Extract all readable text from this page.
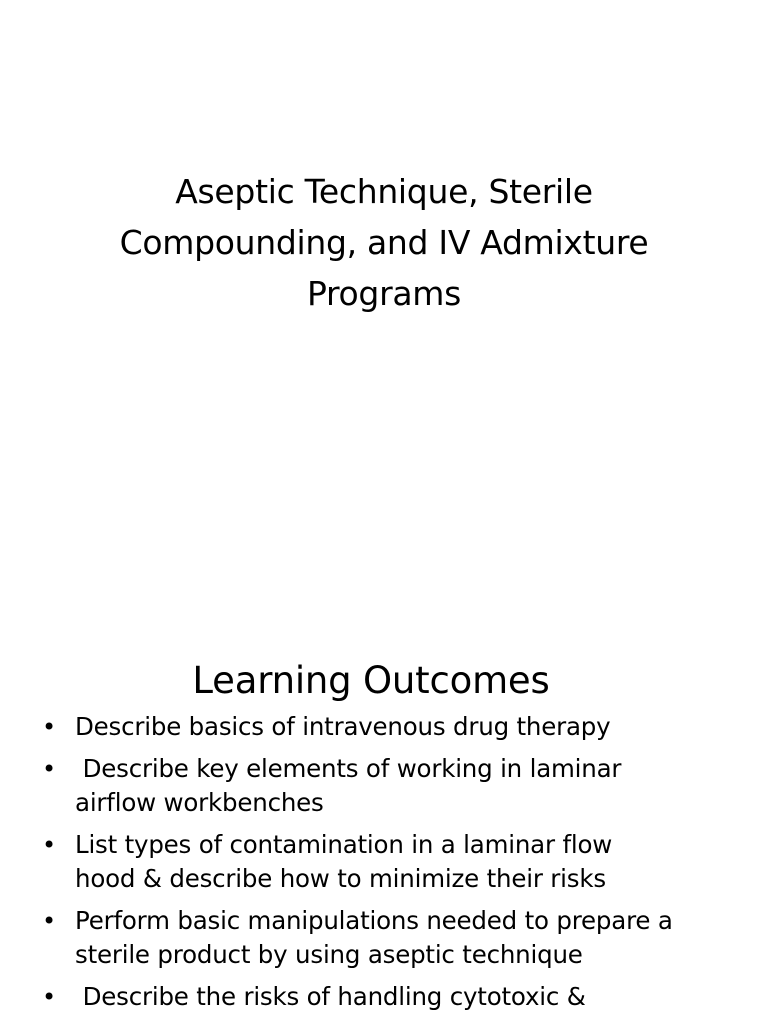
Aseptic Technique, Sterile
Compounding, and IV Admixture
Programs
Learning Outcomes
• Describe basics of intravenous drug therapy
• Describe key elements of working in laminar
airflow workbenches
• List types of contamination in a laminar flow
hood & describe how to minimize their risks
• Perform basic manipulations needed to prepare a
sterile product by using aseptic technique
• Describe the risks of handling cytotoxic &
